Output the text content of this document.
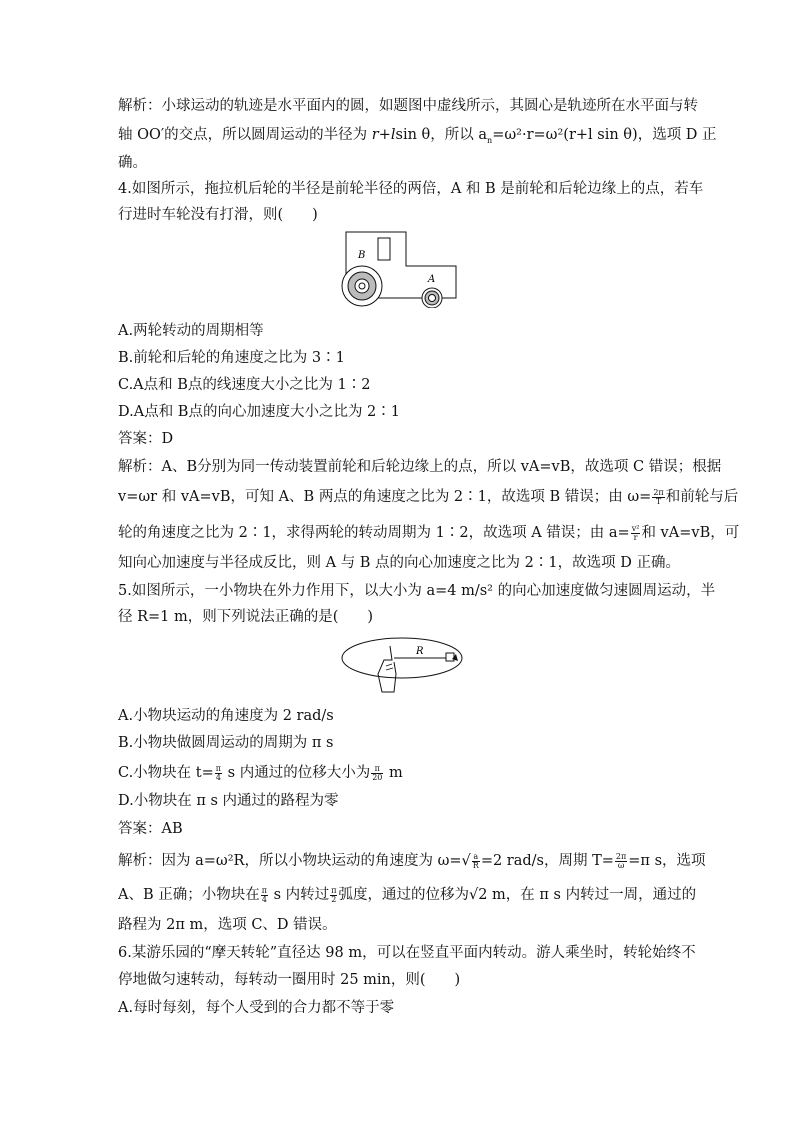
解析：小球运动的轨迹是水平面内的圆，如题图中虚线所示，其圆心是轨迹所在水平面与转
轴 OO′的交点，所以圆周运动的半径为 r+lsin θ，所以 $a_n=\omega^2\cdot r=\omega^2(r+l$ sin θ)，选项 D 正
确。
4.如图所示，拖拉机后轮的半径是前轮半径的两倍，A 和 B 是前轮和后轮边缘上的点，若车
行进时车轮没有打滑，则(　　)
B
A
A.两轮转动的周期相等
B.前轮和后轮的角速度之比为 3∶1
C.A点和 B点的线速度大小之比为 1∶2
D.A点和 B点的向心加速度大小之比为 2∶1
答案：D
解析：A、B分别为同一传动装置前轮和后轮边缘上的点，所以 vA=vB，故选项 C 错误；根据
v=ωr 和 vA=vB，可知 A、B 两点的角速度之比为 2∶1，故选项 B 错误；由 $\omega= \frac{2\pi}{T}$ 和前轮与后
轮的角速度之比为 2∶1，求得两轮的转动周期为 1∶2，故选项 A 错误；由 $a= \frac{\text{v²}}{r}$ 和 vA=vB，可
知向心加速度与半径成反比，则 A 与 B 点的向心加速度之比为 2∶1，故选项 D 正确。
5.如图所示，一小物块在外力作用下，以大小为 a=4 m/s² 的向心加速度做匀速圆周运动，半
径 R=1 m，则下列说法正确的是(　　)
R
A.小物块运动的角速度为 2 rad/s
B.小物块做圆周运动的周期为 π s
C.小物块在 $t= \frac{\pi}{4}$ s 内通过的位移大小为 $\frac{\pi}{20}$ m
D.小物块在 π s 内通过的路程为零
答案：AB
解析：因为 a=ω²R，所以小物块运动的角速度为 $\omega=√ \frac{a}{R} =2$ rad/s，周期 $T= \frac{2\pi}{\omega} =\pi$ s，选项
A、B 正确；小物块在 $\frac{\pi}{4}$ s 内转过 $\frac{\pi}{2}$ 弧度，通过的位移为√2 m，在 π s 内转过一周，通过的
路程为 2π m，选项 C、D 错误。
6.某游乐园的“摩天转轮”直径达 98 m，可以在竖直平面内转动。游人乘坐时，转轮始终不
停地做匀速转动，每转动一圈用时 25 min，则(　　)
A.每时每刻，每个人受到的合力都不等于零
